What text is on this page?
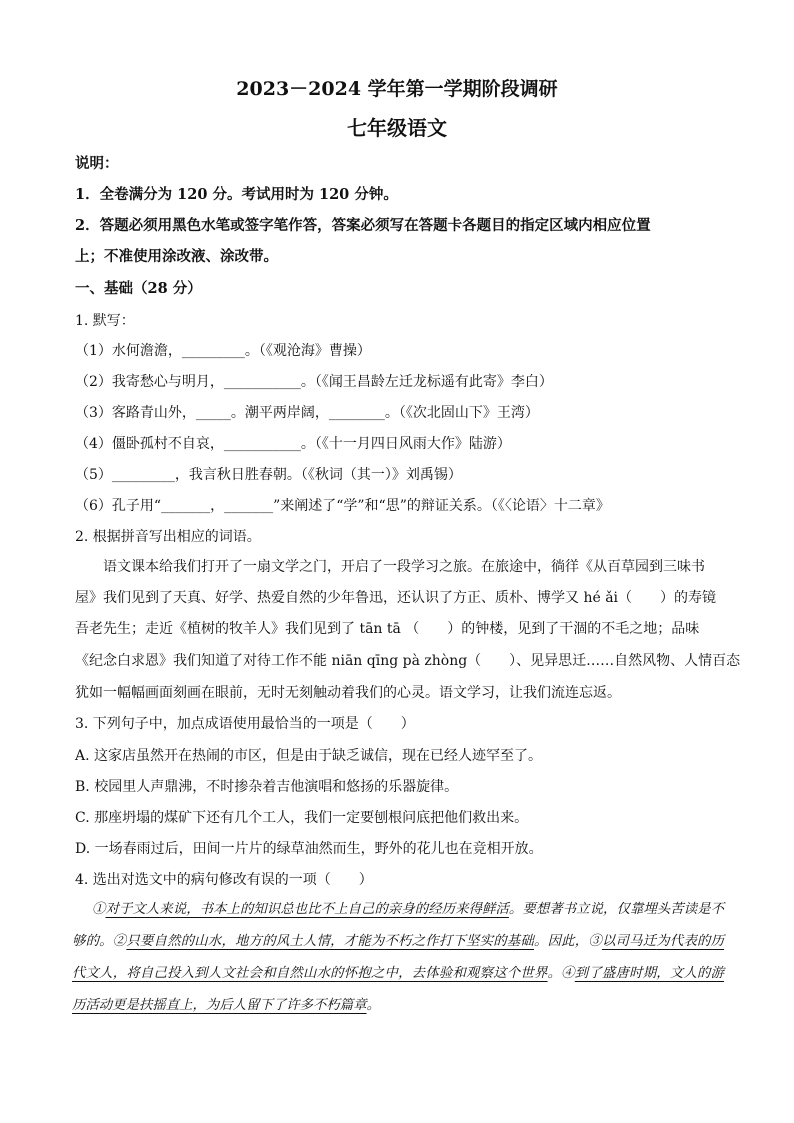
2023－2024 学年第一学期阶段调研
七年级语文
说明：
1．全卷满分为 120 分。考试用时为 120 分钟。
2．答题必须用黑色水笔或签字笔作答，答案必须写在答题卡各题目的指定区域内相应位置
上；不准使用涂改液、涂改带。
一、基础（28 分）
1. 默写：
（1）水何澹澹，_________。（《观沧海》曹操）
（2）我寄愁心与明月，___________。（《闻王昌龄左迁龙标遥有此寄》李白）
（3）客路青山外，_____。潮平两岸阔，________。（《次北固山下》王湾）
（4）僵卧孤村不自哀，___________。（《十一月四日风雨大作》陆游）
（5）_________，我言秋日胜春朝。（《秋词（其一）》刘禹锡）
（6）孔子用“_______，_______”来阐述了“学”和“思”的辩证关系。（《〈论语〉十二章》
2. 根据拼音写出相应的词语。
语文课本给我们打开了一扇文学之门，开启了一段学习之旅。在旅途中，徜徉《从百草园到三味书
屋》我们见到了天真、好学、热爱自然的少年鲁迅，还认识了方正、质朴、博学又 hé ǎi（　　）的寿镜
吾老先生；走近《植树的牧羊人》我们见到了 tān tā （　　）的钟楼，见到了干涸的不毛之地；品味
《纪念白求恩》我们知道了对待工作不能 niān qīng pà zhòng（　　）、见异思迁……自然风物、人情百态
犹如一幅幅画面刻画在眼前，无时无刻触动着我们的心灵。语文学习，让我们流连忘返。
3. 下列句子中，加点成语使用最恰当的一项是（　　）
A. 这家店虽然开在热闹的市区，但是由于缺乏诚信，现在已经人迹罕至了。
B. 校园里人声鼎沸，不时掺杂着吉他演唱和悠扬的乐器旋律。
C. 那座坍塌的煤矿下还有几个工人，我们一定要刨根问底把他们救出来。
D. 一场春雨过后，田间一片片的绿草油然而生，野外的花儿也在竞相开放。
4. 选出对选文中的病句修改有误的一项（　　）
①对于文人来说，书本上的知识总也比不上自己的亲身的经历来得鲜活。要想著书立说，仅靠埋头苦读是不够的。②只要自然的山水，地方的风土人情，才能为不朽之作打下坚实的基础。因此，③以司马迁为代表的历代文人，将自己投入到人文社会和自然山水的怀抱之中，去体验和观察这个世界。④到了盛唐时期，文人的游历活动更是扶摇直上，为后人留下了许多不朽篇章。
